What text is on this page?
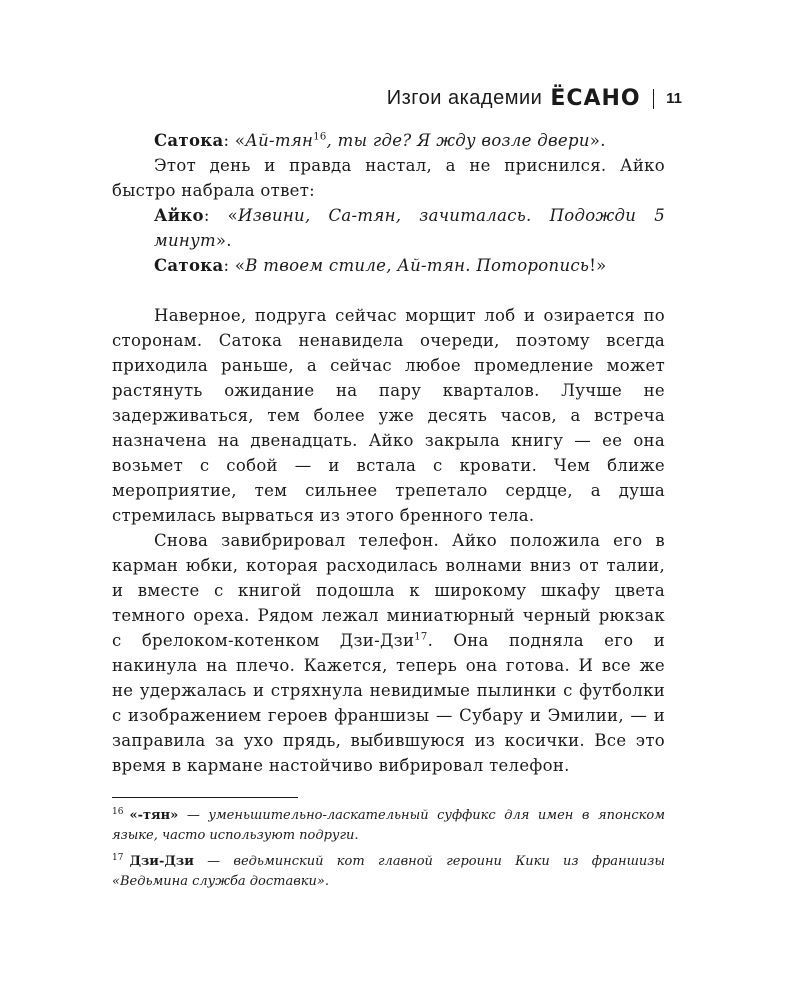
Изгои академии ЁСАНО 11

Сатока: «Ай-тян$^{16}$, ты где? Я жду возле двери».

Этот день и правда настал, а не приснился. Айко быстро набрала ответ:

Айко: «Извини, Са-тян, зачиталась. Подожди 5 минут».

Сатока: «В твоем стиле, Ай-тян. Поторопись!»

Наверное, подруга сейчас морщит лоб и озирается по сторонам. Сатока ненавидела очереди, поэтому всегда приходила раньше, а сейчас любое промедление может растянуть ожидание на пару кварталов. Лучше не задерживаться, тем более уже десять часов, а встреча назначена на двенадцать. Айко закрыла книгу — ее она возьмет с собой — и встала с кровати. Чем ближе мероприятие, тем сильнее трепетало сердце, а душа стремилась вырваться из этого бренного тела.

Снова завибрировал телефон. Айко положила его в карман юбки, которая расходилась волнами вниз от талии, и вместе с книгой подошла к широкому шкафу цвета темного ореха. Рядом лежал миниатюрный черный рюкзак с брелоком-котенком Дзи-Дзи$^{17}$. Она подняла его и накинула на плечо. Кажется, теперь она готова. И все же не удержалась и стряхнула невидимые пылинки с футболки с изображением героев франшизы — Субару и Эмилии, — и заправила за ухо прядь, выбившуюся из косички. Все это время в кармане настойчиво вибрировал телефон.

$^{16}$ «-тян» — уменьшительно-ласкательный суффикс для имен в японском языке, часто используют подруги.

$^{17}$ Дзи-Дзи — ведьминский кот главной героини Кики из франшизы «Ведьмина служба доставки».
